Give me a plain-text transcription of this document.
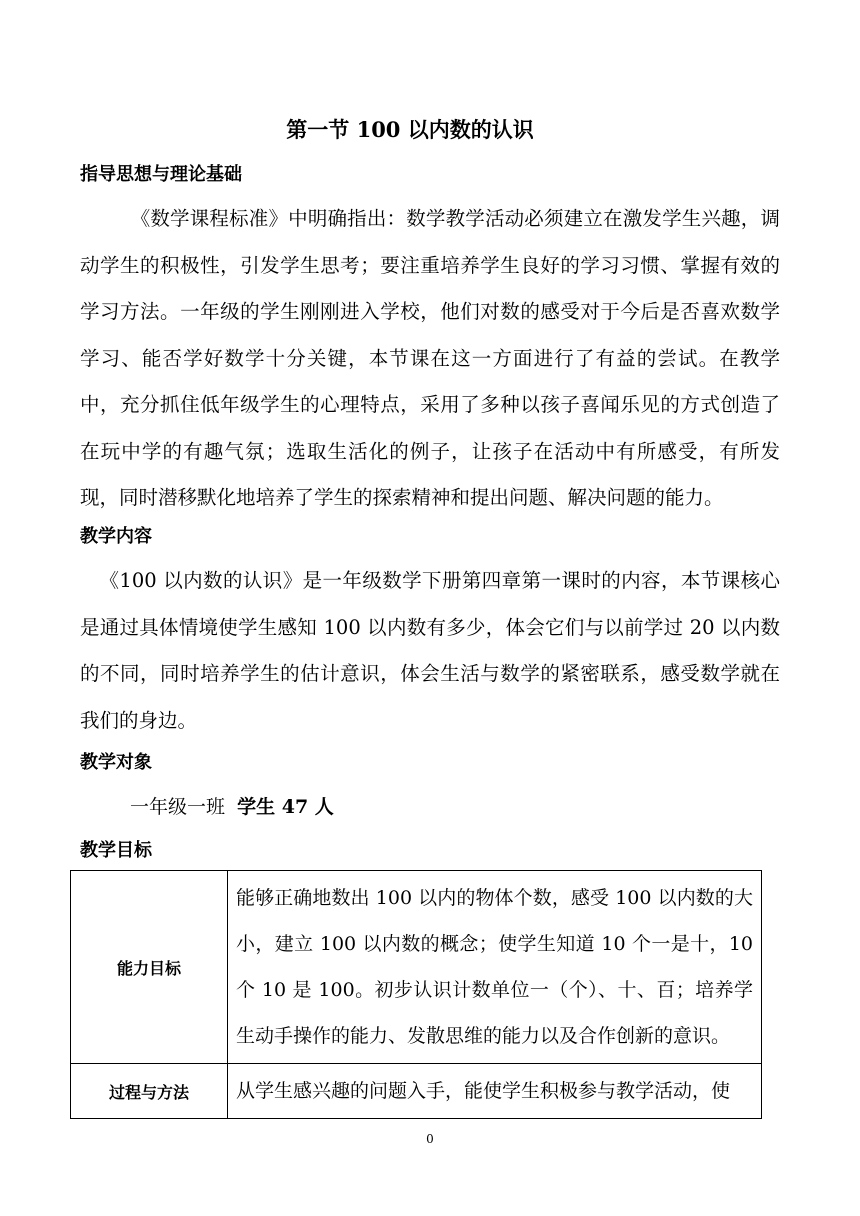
第一节 100 以内数的认识
指导思想与理论基础

《数学课程标准》中明确指出：数学教学活动必须建立在激发学生兴趣，调动学生的积极性，引发学生思考；要注重培养学生良好的学习习惯、掌握有效的学习方法。一年级的学生刚刚进入学校，他们对数的感受对于今后是否喜欢数学学习、能否学好数学十分关键，本节课在这一方面进行了有益的尝试。在教学中，充分抓住低年级学生的心理特点，采用了多种以孩子喜闻乐见的方式创造了在玩中学的有趣气氛；选取生活化的例子，让孩子在活动中有所感受，有所发现，同时潜移默化地培养了学生的探索精神和提出问题、解决问题的能力。

教学内容

《100 以内数的认识》是一年级数学下册第四章第一课时的内容，本节课核心是通过具体情境使学生感知 100 以内数有多少，体会它们与以前学过 20 以内数的不同，同时培养学生的估计意识，体会生活与数学的紧密联系，感受数学就在我们的身边。

教学对象
一年级一班 学生 47 人
教学目标
能力目标	能够正确地数出 100 以内的物体个数，感受 100 以内数的大小，建立 100 以内数的概念；使学生知道 10 个一是十，10 个 10 是 100。初步认识计数单位一（个）、十、百；培养学生动手操作的能力、发散思维的能力以及合作创新的意识。
过程与方法	从学生感兴趣的问题入手，能使学生积极参与教学活动，使
0
